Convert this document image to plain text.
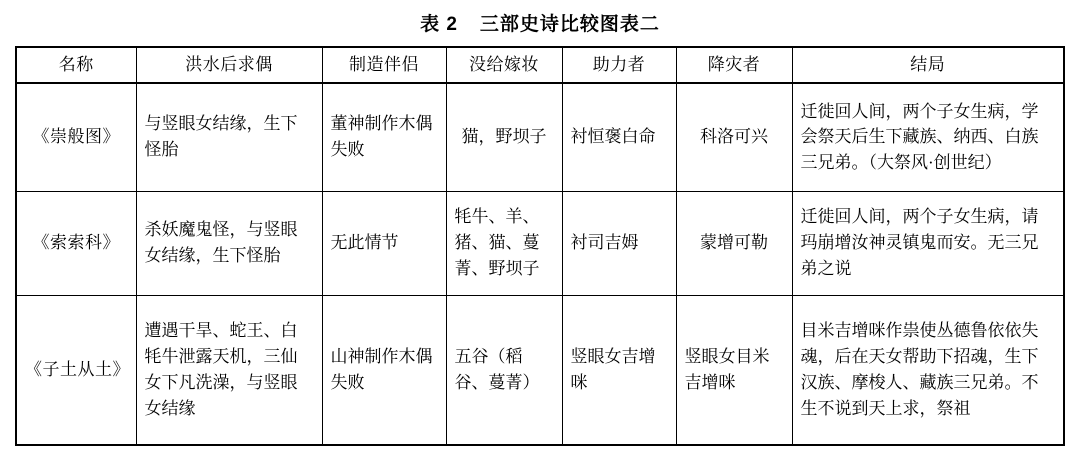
表 2 三部史诗比较图表二
名称	洪水后求偶	制造伴侣	没给嫁妆	助力者	降灾者	结局
《崇般图》	与竖眼女结缘，生下怪胎	董神制作木偶失败	猫，野坝子	衬恒褒白命	科洛可兴	迁徙回人间，两个子女生病，学会祭天后生下藏族、纳西、白族三兄弟。（大祭风·创世纪）
《索索科》	杀妖魔鬼怪，与竖眼女结缘，生下怪胎	无此情节	牦牛、羊、猪、猫、蔓菁、野坝子	衬司吉姆	蒙增可勒	迁徙回人间，两个子女生病，请玛崩增汝神灵镇鬼而安。无三兄弟之说
《子土从土》	遭遇干旱、蛇王、白牦牛泄露天机，三仙女下凡洗澡，与竖眼女结缘	山神制作木偶失败	五谷（稻谷、蔓菁）	竖眼女吉增咪	竖眼女目米吉增咪	目米吉增咪作祟使丛德鲁依依失魂，后在天女帮助下招魂，生下汉族、摩梭人、藏族三兄弟。不生不说到天上求，祭祖
